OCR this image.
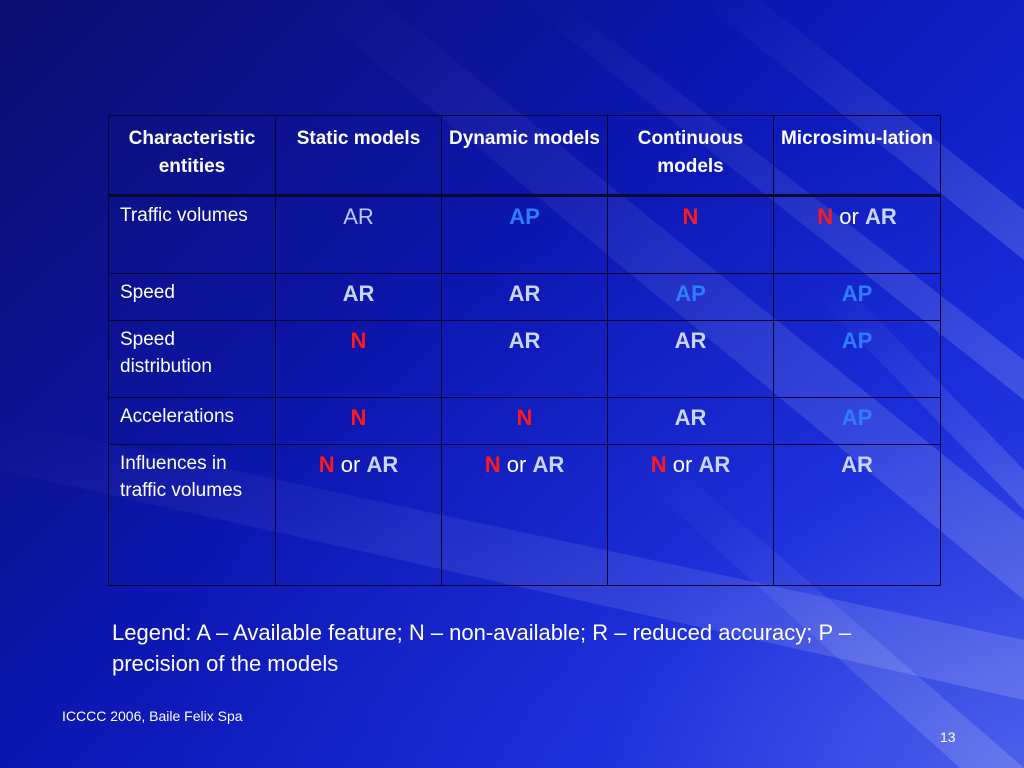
Characteristic entities	Static models	Dynamic models	Continuous models	Microsimu-lation
Traffic volumes	AR	AP	N	N or AR
Speed	AR	AR	AP	AP
Speed distribution	N	AR	AR	AP
Accelerations	N	N	AR	AP
Influences in traffic volumes	N or AR	N or AR	N or AR	AR
Legend: A – Available feature; N – non-available; R – reduced accuracy; P – precision of the models
ICCCC 2006, Baile Felix Spa
13
